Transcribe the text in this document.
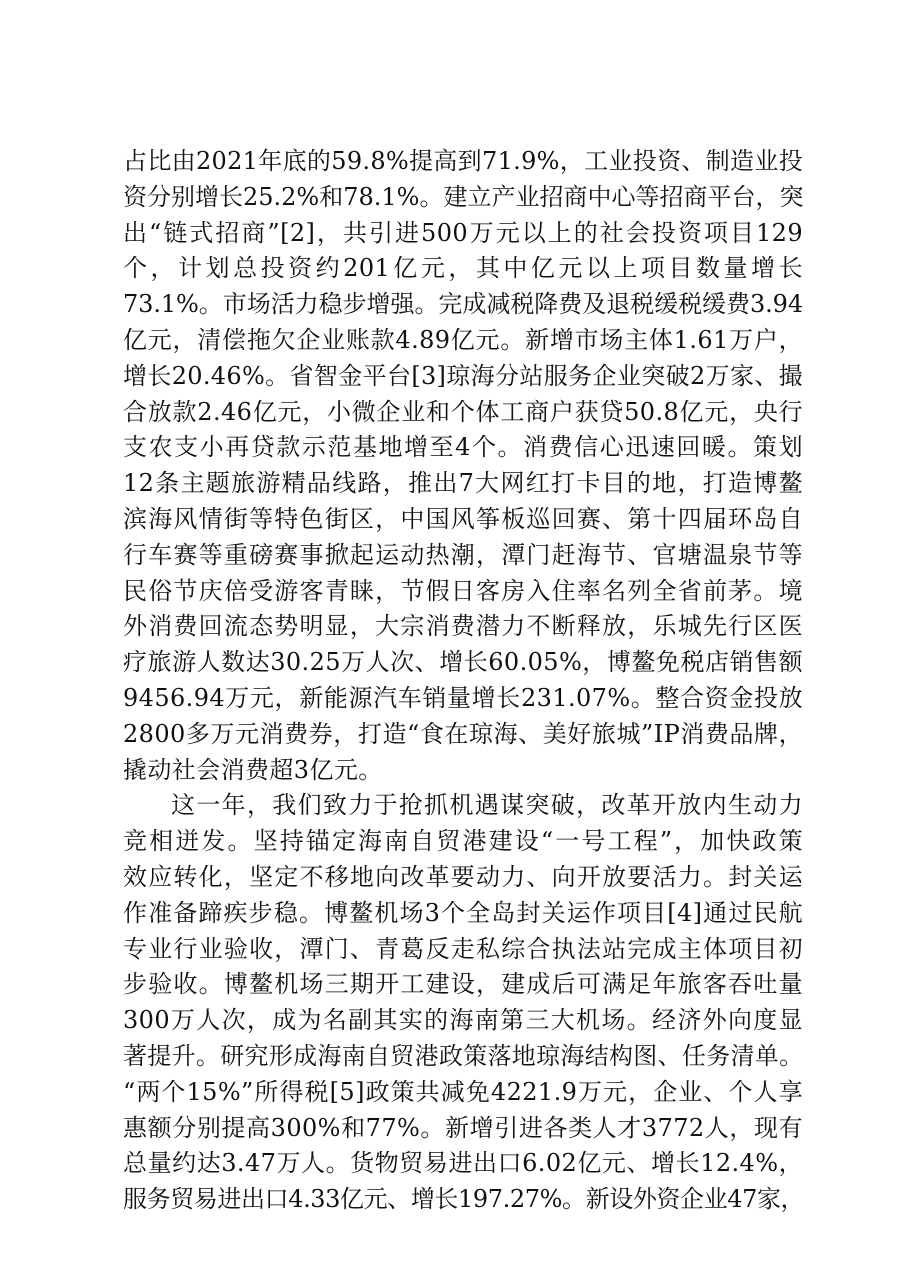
占比由2021年底的59.8%提高到71.9%，工业投资、制造业投
资分别增长25.2%和78.1%。建立产业招商中心等招商平台，突
出“链式招商”[2]，共引进500万元以上的社会投资项目129
个，计划总投资约201亿元，其中亿元以上项目数量增长
73.1%。市场活力稳步增强。完成减税降费及退税缓税缓费3.94
亿元，清偿拖欠企业账款4.89亿元。新增市场主体1.61万户，
增长20.46%。省智金平台[3]琼海分站服务企业突破2万家、撮
合放款2.46亿元，小微企业和个体工商户获贷50.8亿元，央行
支农支小再贷款示范基地增至4个。消费信心迅速回暖。策划
12条主题旅游精品线路，推出7大网红打卡目的地，打造博鳌
滨海风情街等特色街区，中国风筝板巡回赛、第十四届环岛自
行车赛等重磅赛事掀起运动热潮，潭门赶海节、官塘温泉节等
民俗节庆倍受游客青睐，节假日客房入住率名列全省前茅。境
外消费回流态势明显，大宗消费潜力不断释放，乐城先行区医
疗旅游人数达30.25万人次、增长60.05%，博鳌免税店销售额
9456.94万元，新能源汽车销量增长231.07%。整合资金投放
2800多万元消费券，打造“食在琼海、美好旅城”IP消费品牌，
撬动社会消费超3亿元。
这一年，我们致力于抢抓机遇谋突破，改革开放内生动力
竞相迸发。坚持锚定海南自贸港建设“一号工程”，加快政策
效应转化，坚定不移地向改革要动力、向开放要活力。封关运
作准备蹄疾步稳。博鳌机场3个全岛封关运作项目[4]通过民航
专业行业验收，潭门、青葛反走私综合执法站完成主体项目初
步验收。博鳌机场三期开工建设，建成后可满足年旅客吞吐量
300万人次，成为名副其实的海南第三大机场。经济外向度显
著提升。研究形成海南自贸港政策落地琼海结构图、任务清单。
“两个15%”所得税[5]政策共减免4221.9万元，企业、个人享
惠额分别提高300%和77%。新增引进各类人才3772人，现有
总量约达3.47万人。货物贸易进出口6.02亿元、增长12.4%，
服务贸易进出口4.33亿元、增长197.27%。新设外资企业47家，
